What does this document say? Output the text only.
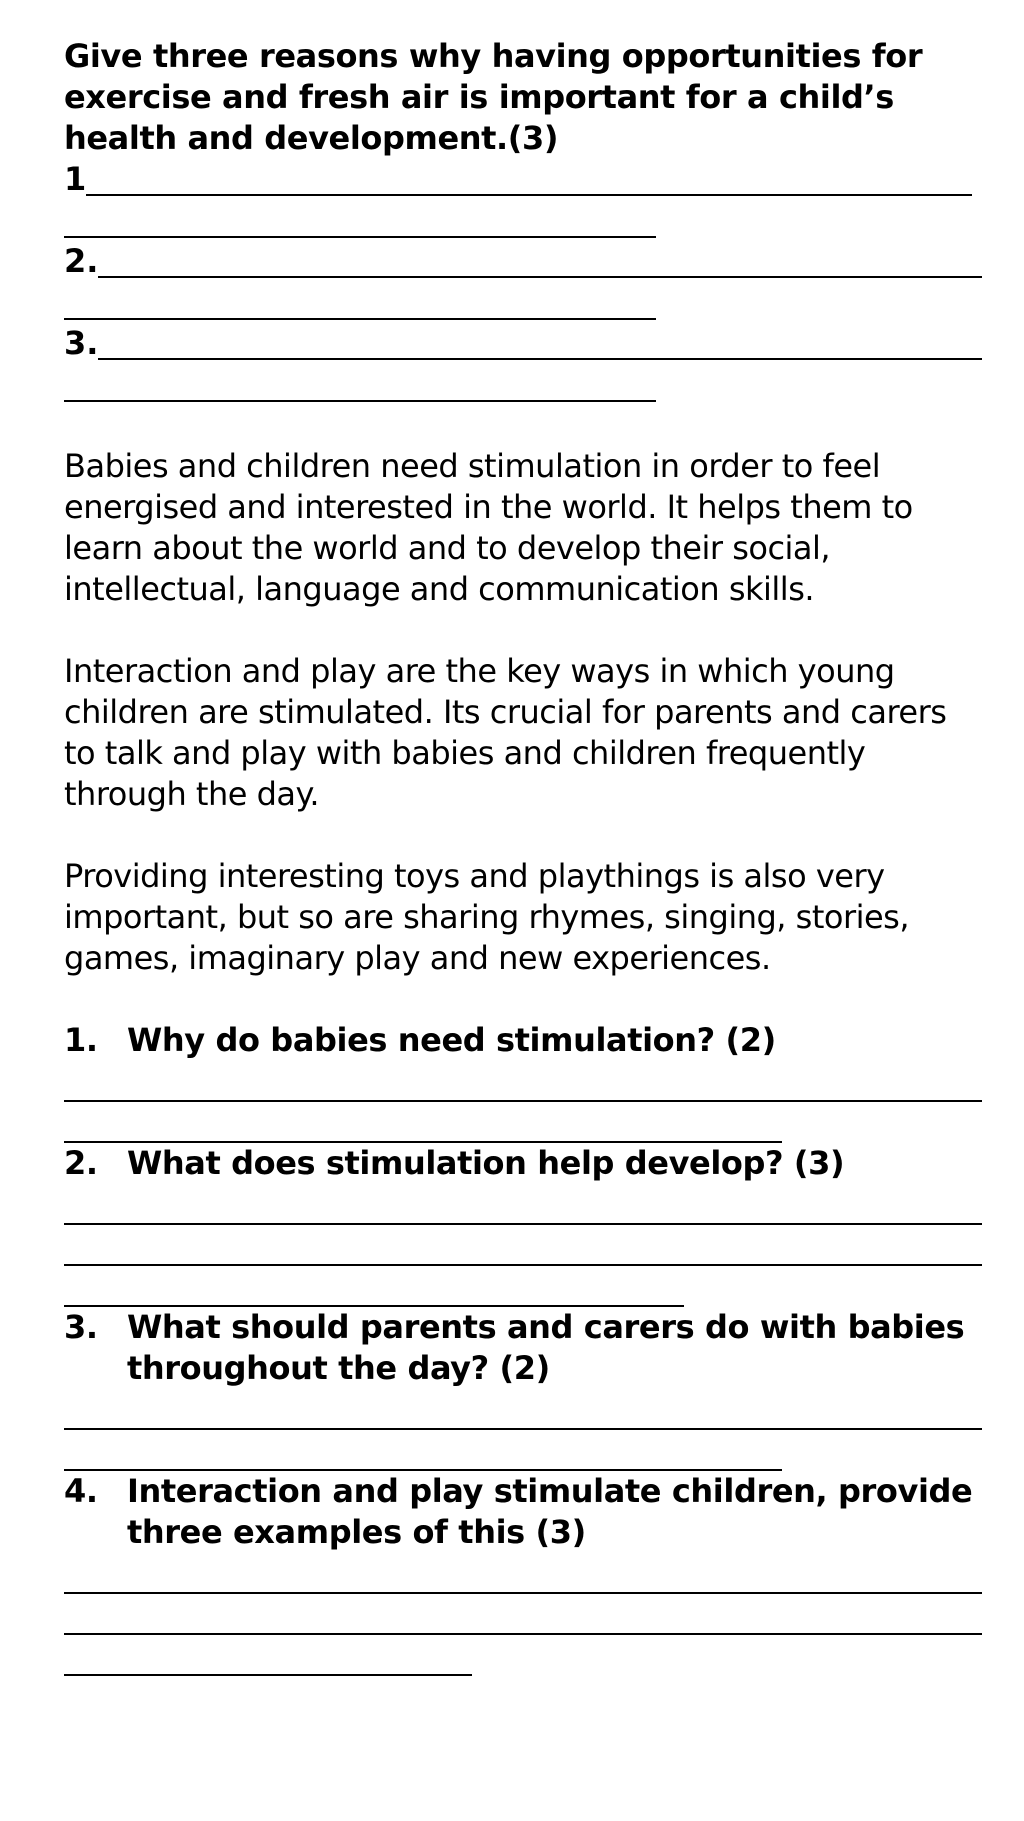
Give three reasons why having opportunities for exercise and fresh air is important for a child’s health and development.(3)
1
2.
3.
Babies and children need stimulation in order to feel energised and interested in the world. It helps them to learn about the world and to develop their social, intellectual, language and communication skills.
Interaction and play are the key ways in which young children are stimulated. Its crucial for parents and carers to talk and play with babies and children frequently through the day.
Providing interesting toys and playthings is also very important, but so are sharing rhymes, singing, stories, games, imaginary play and new experiences.
1. Why do babies need stimulation? (2)
2. What does stimulation help develop? (3)
3. What should parents and carers do with babies throughout the day? (2)
4. Interaction and play stimulate children, provide three examples of this (3)
